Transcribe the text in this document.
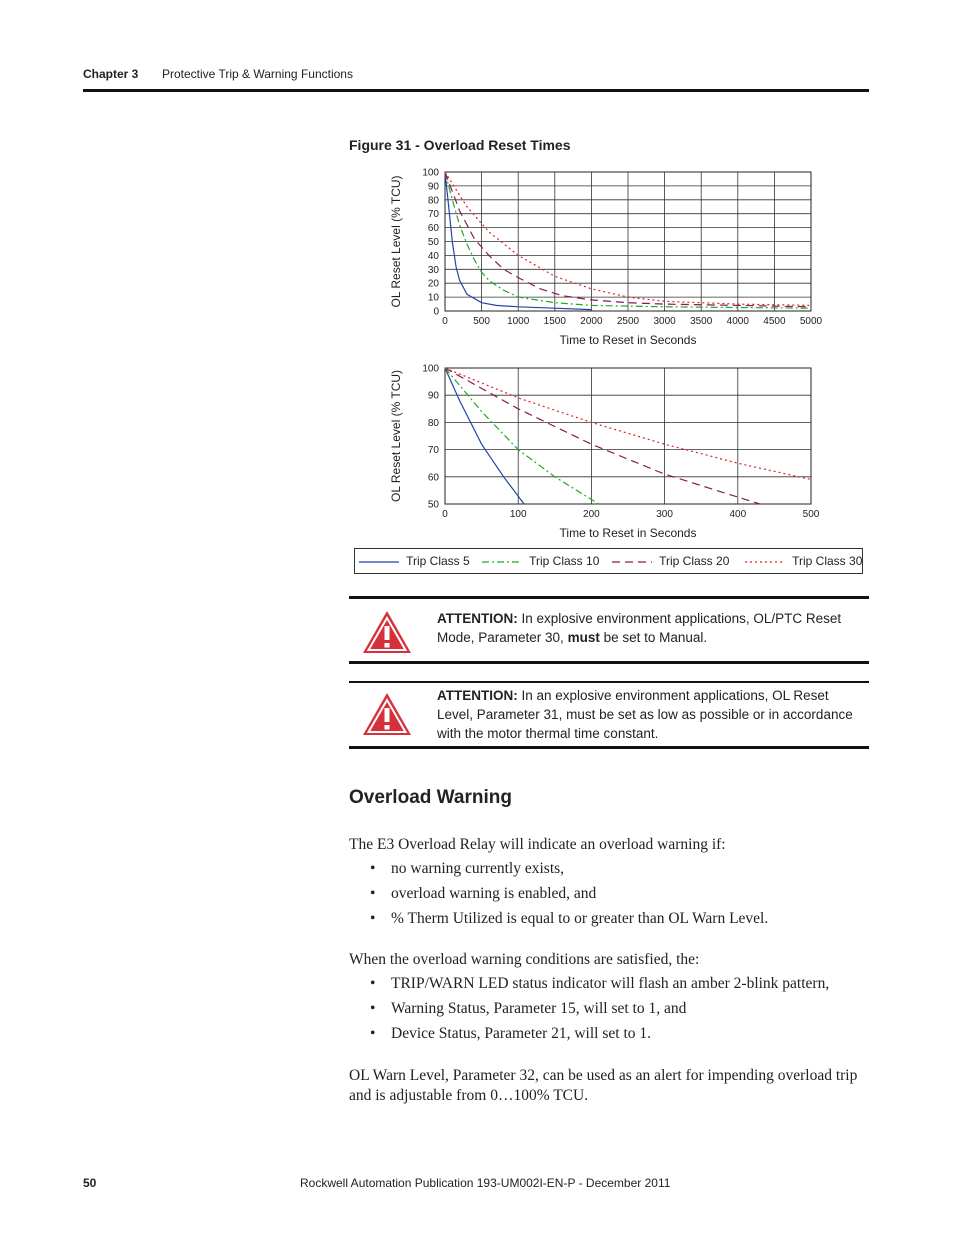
Chapter 3 Protective Trip & Warning Functions
Figure 31 - Overload Reset Times
0	500 1000 1500 2000 2500 3000 3500 4000 4500 5000
0
10
20
30
40
50
60
70
80
90
100
Time to Reset in Seconds
OL Reset Level (% TCU)
0	100	200	300	400	500
50
60
70
80
90
100
Time to Reset in Seconds
OL Reset Level (% TCU)
Trip Class 5	Trip Class 10	Trip Class 20	Trip Class 30
ATTENTION: In explosive environment applications, OL/PTC Reset Mode, Parameter 30, must be set to Manual.
ATTENTION: In an explosive environment applications, OL Reset Level, Parameter 31, must be set as low as possible or in accordance with the motor thermal time constant.
Overload Warning
The E3 Overload Relay will indicate an overload warning if:
• no warning currently exists,
• overload warning is enabled, and
• % Therm Utilized is equal to or greater than OL Warn Level.
When the overload warning conditions are satisfied, the:
• TRIP/WARN LED status indicator will flash an amber 2-blink pattern,
• Warning Status, Parameter 15, will set to 1, and
• Device Status, Parameter 21, will set to 1.
OL Warn Level, Parameter 32, can be used as an alert for impending overload trip and is adjustable from 0…100% TCU.
50	Rockwell Automation Publication 193-UM002I-EN-P - December 2011
